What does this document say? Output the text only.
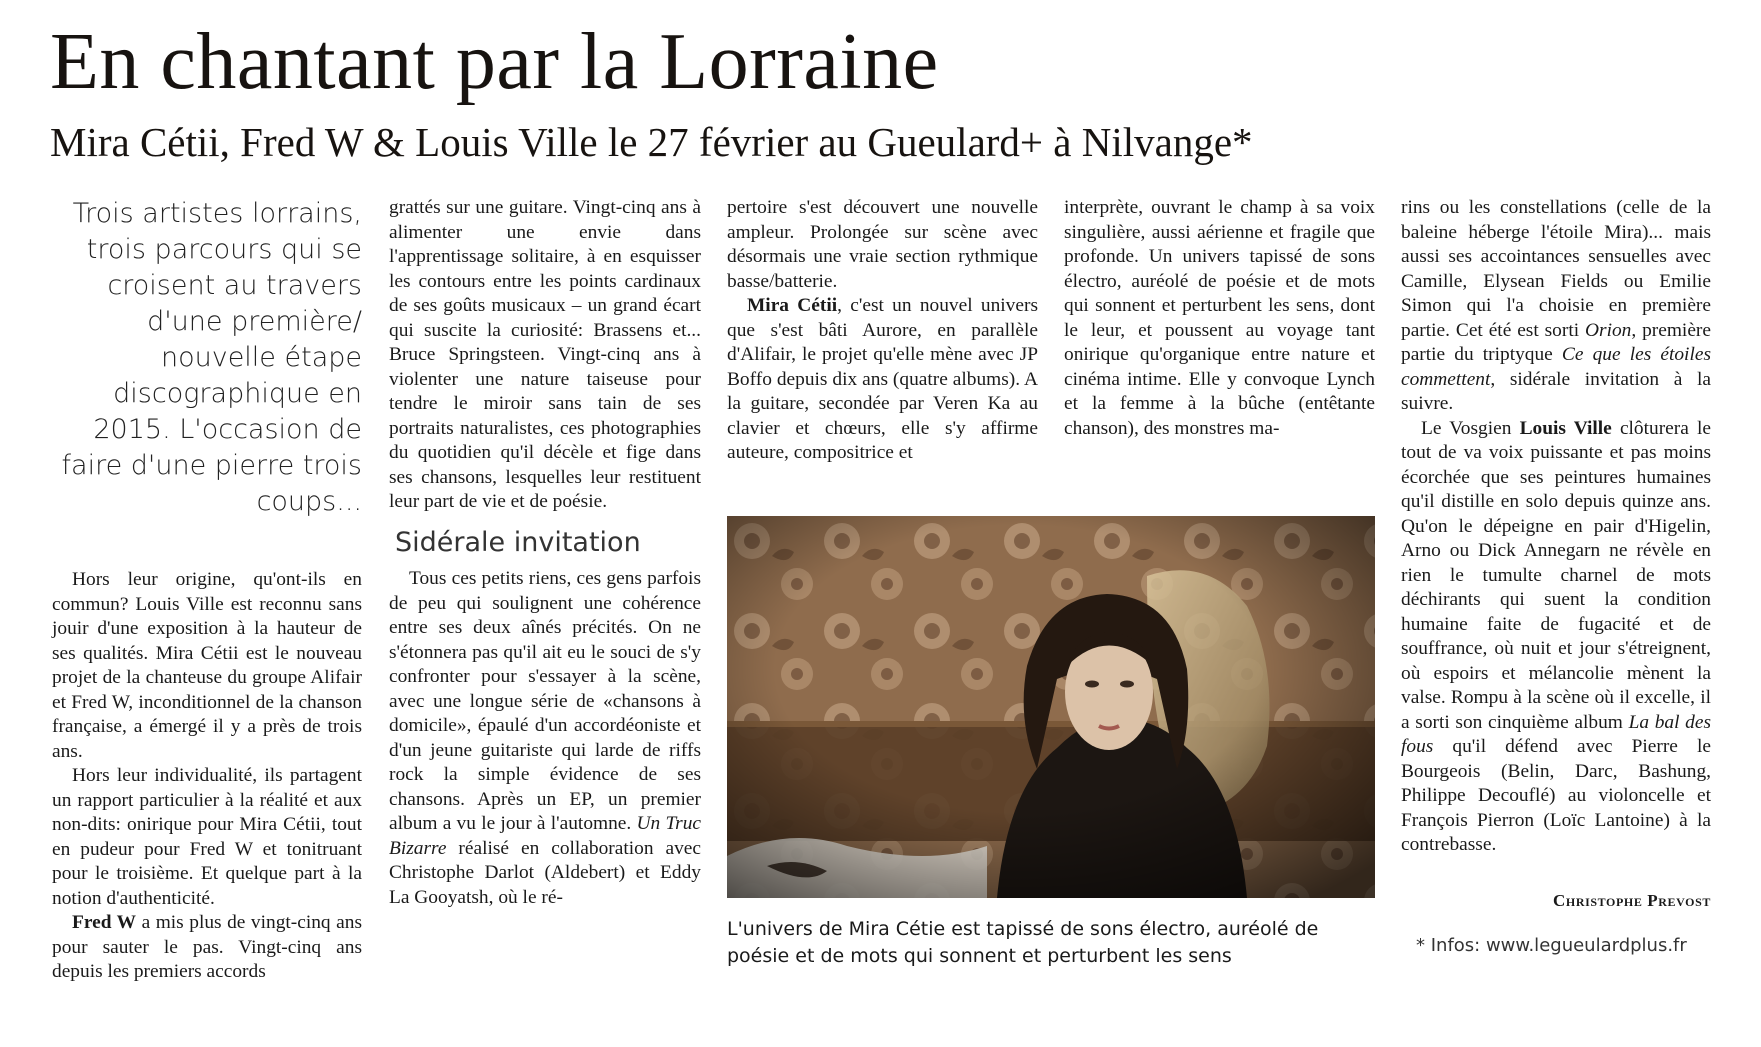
En chantant par la Lorraine
Mira Cétii, Fred W & Louis Ville le 27 février au Gueulard+ à Nilvange*

Trois artistes lorrains, trois parcours qui se croisent au travers d'une première/ nouvelle étape discographique en 2015. L'occasion de faire d'une pierre trois coups...

Hors leur origine, qu'ont-ils en commun? Louis Ville est reconnu sans jouir d'une exposition à la hauteur de ses qualités. Mira Cétii est le nouveau projet de la chanteuse du groupe Alifair et Fred W, inconditionnel de la chanson française, a émergé il y a près de trois ans.

Hors leur individualité, ils partagent un rapport particulier à la réalité et aux non-dits: onirique pour Mira Cétii, tout en pudeur pour Fred W et tonitruant pour le troisième. Et quelque part à la notion d'authenticité.

Fred W a mis plus de vingt-cinq ans pour sauter le pas. Vingt-cinq ans depuis les premiers accords

grattés sur une guitare. Vingt-cinq ans à alimenter une envie dans l'apprentissage solitaire, à en esquisser les contours entre les points cardinaux de ses goûts musicaux – un grand écart qui suscite la curiosité: Brassens et... Bruce Springsteen. Vingt-cinq ans à violenter une nature taiseuse pour tendre le miroir sans tain de ses portraits naturalistes, ces photographies du quotidien qu'il décèle et fige dans ses chansons, lesquelles leur restituent leur part de vie et de poésie.

Sidérale invitation

Tous ces petits riens, ces gens parfois de peu qui soulignent une cohérence entre ses deux aînés précités. On ne s'étonnera pas qu'il ait eu le souci de s'y confronter pour s'essayer à la scène, avec une longue série de «chansons à domicile», épaulé d'un accordéoniste et d'un jeune guitariste qui larde de riffs rock la simple évidence de ses chansons. Après un EP, un premier album a vu le jour à l'automne. Un Truc Bizarre réalisé en collaboration avec Christophe Darlot (Aldebert) et Eddy La Gooyatsh, où le ré-

pertoire s'est découvert une nouvelle ampleur. Prolongée sur scène avec désormais une vraie section rythmique basse/batterie.

Mira Cétii, c'est un nouvel univers que s'est bâti Aurore, en parallèle d'Alifair, le projet qu'elle mène avec JP Boffo depuis dix ans (quatre albums). A la guitare, secondée par Veren Ka au clavier et chœurs, elle s'y affirme auteure, compositrice et

interprète, ouvrant le champ à sa voix singulière, aussi aérienne et fragile que profonde. Un univers tapissé de sons électro, auréolé de poésie et de mots qui sonnent et perturbent les sens, dont le leur, et poussent au voyage tant onirique qu'organique entre nature et cinéma intime. Elle y convoque Lynch et la femme à la bûche (entêtante chanson), des monstres ma-

rins ou les constellations (celle de la baleine héberge l'étoile Mira)... mais aussi ses accointances sensuelles avec Camille, Elysean Fields ou Emilie Simon qui l'a choisie en première partie. Cet été est sorti Orion, première partie du triptyque Ce que les étoiles commettent, sidérale invitation à la suivre.

Le Vosgien Louis Ville clôturera le tout de va voix puissante et pas moins écorchée que ses peintures humaines qu'il distille en solo depuis quinze ans. Qu'on le dépeigne en pair d'Higelin, Arno ou Dick Annegarn ne révèle en rien le tumulte charnel de mots déchirants qui suent la condition humaine faite de fugacité et de souffrance, où nuit et jour s'étreignent, où espoirs et mélancolie mènent la valse. Rompu à la scène où il excelle, il a sorti son cinquième album La bal des fous qu'il défend avec Pierre le Bourgeois (Belin, Darc, Bashung, Philippe Decouflé) au violoncelle et François Pierron (Loïc Lantoine) à la contrebasse.

L'univers de Mira Cétie est tapissé de sons électro, auréolé de poésie et de mots qui sonnent et perturbent les sens
Christophe Prevost
* Infos: www.legueulardplus.fr
